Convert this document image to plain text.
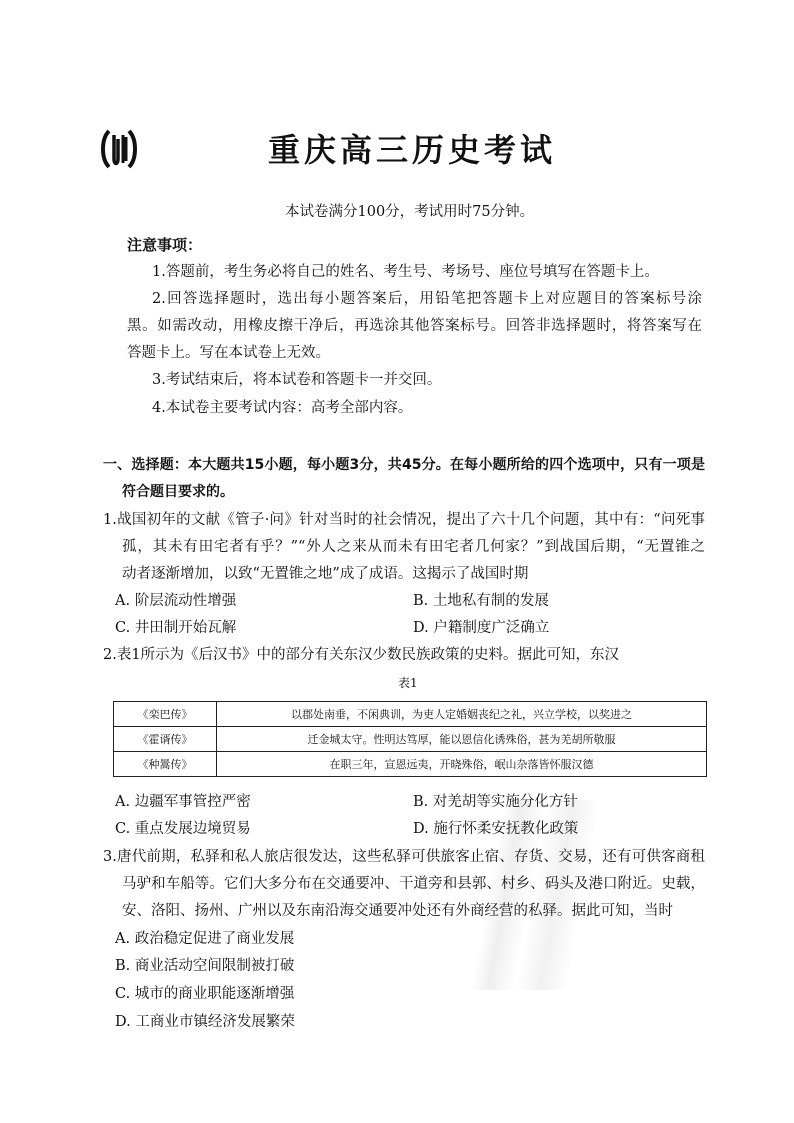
重庆高三历史考试
本试卷满分100分，考试用时75分钟。
注意事项：
1.答题前，考生务必将自己的姓名、考生号、考场号、座位号填写在答题卡上。
2.回答选择题时，选出每小题答案后，用铅笔把答题卡上对应题目的答案标号涂
黑。如需改动，用橡皮擦干净后，再选涂其他答案标号。回答非选择题时，将答案写在
答题卡上。写在本试卷上无效。
3.考试结束后，将本试卷和答题卡一并交回。
4.本试卷主要考试内容：高考全部内容。
一、选择题：本大题共15小题，每小题3分，共45分。在每小题所给的四个选项中，只有一项是
符合题目要求的。
1.战国初年的文献《管子·问》针对当时的社会情况，提出了六十几个问题，其中有：“问死事
孤，其未有田宅者有乎？”“外人之来从而未有田宅者几何家？”到战国后期，“无置锥之
动者逐渐增加，以致“无置锥之地”成了成语。这揭示了战国时期
A. 阶层流动性增强	B. 土地私有制的发展
C. 井田制开始瓦解	D. 户籍制度广泛确立
2.表1所示为《后汉书》中的部分有关东汉少数民族政策的史料。据此可知，东汉
表1
《栾巴传》	以郡处南垂，不闲典训，为吏人定婚姻丧纪之礼，兴立学校，以奖进之
《霍谞传》	迁金城太守。性明达笃厚，能以恩信化诱殊俗，甚为羌胡所敬服
《种暠传》	在职三年，宣恩远夷，开晓殊俗，岷山杂落皆怀服汉德
A. 边疆军事管控严密	B. 对羌胡等实施分化方针
C. 重点发展边境贸易	D. 施行怀柔安抚教化政策
3.唐代前期，私驿和私人旅店很发达，这些私驿可供旅客止宿、存货、交易，还有可供客商租
马驴和车船等。它们大多分布在交通要冲、干道旁和县郭、村乡、码头及港口附近。史载，
安、洛阳、扬州、广州以及东南沿海交通要冲处还有外商经营的私驿。据此可知，当时
A. 政治稳定促进了商业发展
B. 商业活动空间限制被打破
C. 城市的商业职能逐渐增强
D. 工商业市镇经济发展繁荣
